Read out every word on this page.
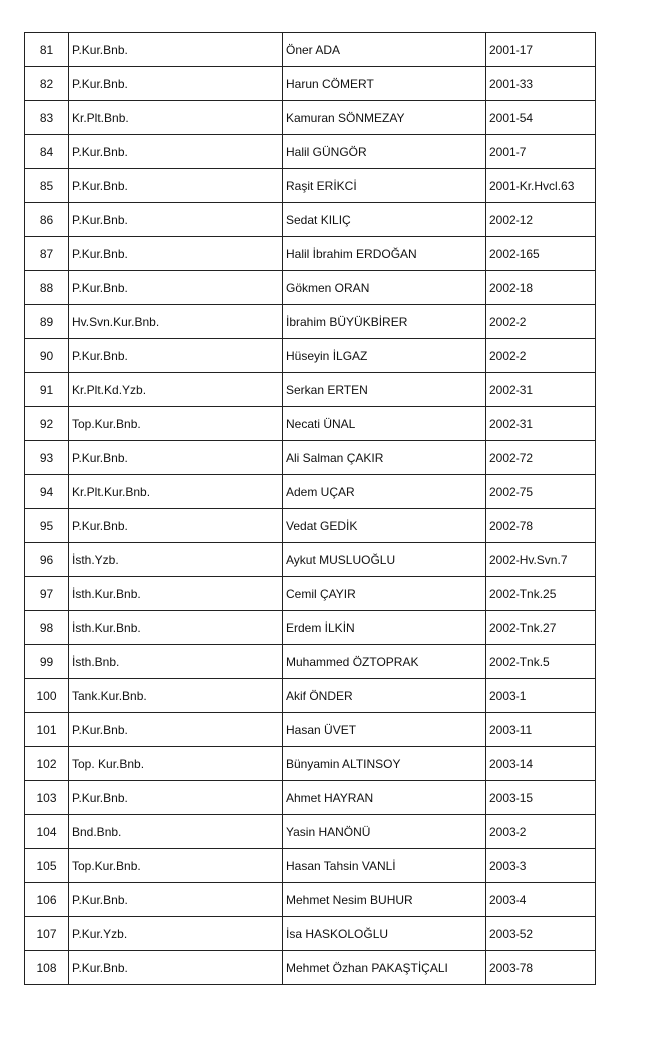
81	P.Kur.Bnb.	Öner ADA	2001-17
82	P.Kur.Bnb.	Harun CÖMERT	2001-33
83	Kr.Plt.Bnb.	Kamuran SÖNMEZAY	2001-54
84	P.Kur.Bnb.	Halil GÜNGÖR	2001-7
85	P.Kur.Bnb.	Raşit ERİKCİ	2001-Kr.Hvcl.63
86	P.Kur.Bnb.	Sedat KILIÇ	2002-12
87	P.Kur.Bnb.	Halil İbrahim ERDOĞAN	2002-165
88	P.Kur.Bnb.	Gökmen ORAN	2002-18
89	Hv.Svn.Kur.Bnb.	İbrahim BÜYÜKBİRER	2002-2
90	P.Kur.Bnb.	Hüseyin İLGAZ	2002-2
91	Kr.Plt.Kd.Yzb.	Serkan ERTEN	2002-31
92	Top.Kur.Bnb.	Necati ÜNAL	2002-31
93	P.Kur.Bnb.	Ali Salman ÇAKIR	2002-72
94	Kr.Plt.Kur.Bnb.	Adem UÇAR	2002-75
95	P.Kur.Bnb.	Vedat GEDİK	2002-78
96	İsth.Yzb.	Aykut MUSLUOĞLU	2002-Hv.Svn.7
97	İsth.Kur.Bnb.	Cemil ÇAYIR	2002-Tnk.25
98	İsth.Kur.Bnb.	Erdem İLKİN	2002-Tnk.27
99	İsth.Bnb.	Muhammed ÖZTOPRAK	2002-Tnk.5
100	Tank.Kur.Bnb.	Akif ÖNDER	2003-1
101	P.Kur.Bnb.	Hasan ÜVET	2003-11
102	Top. Kur.Bnb.	Bünyamin ALTINSOY	2003-14
103	P.Kur.Bnb.	Ahmet HAYRAN	2003-15
104	Bnd.Bnb.	Yasin HANÖNÜ	2003-2
105	Top.Kur.Bnb.	Hasan Tahsin VANLİ	2003-3
106	P.Kur.Bnb.	Mehmet Nesim BUHUR	2003-4
107	P.Kur.Yzb.	İsa HASKOLOĞLU	2003-52
108	P.Kur.Bnb.	Mehmet Özhan PAKAŞTİÇALI	2003-78
